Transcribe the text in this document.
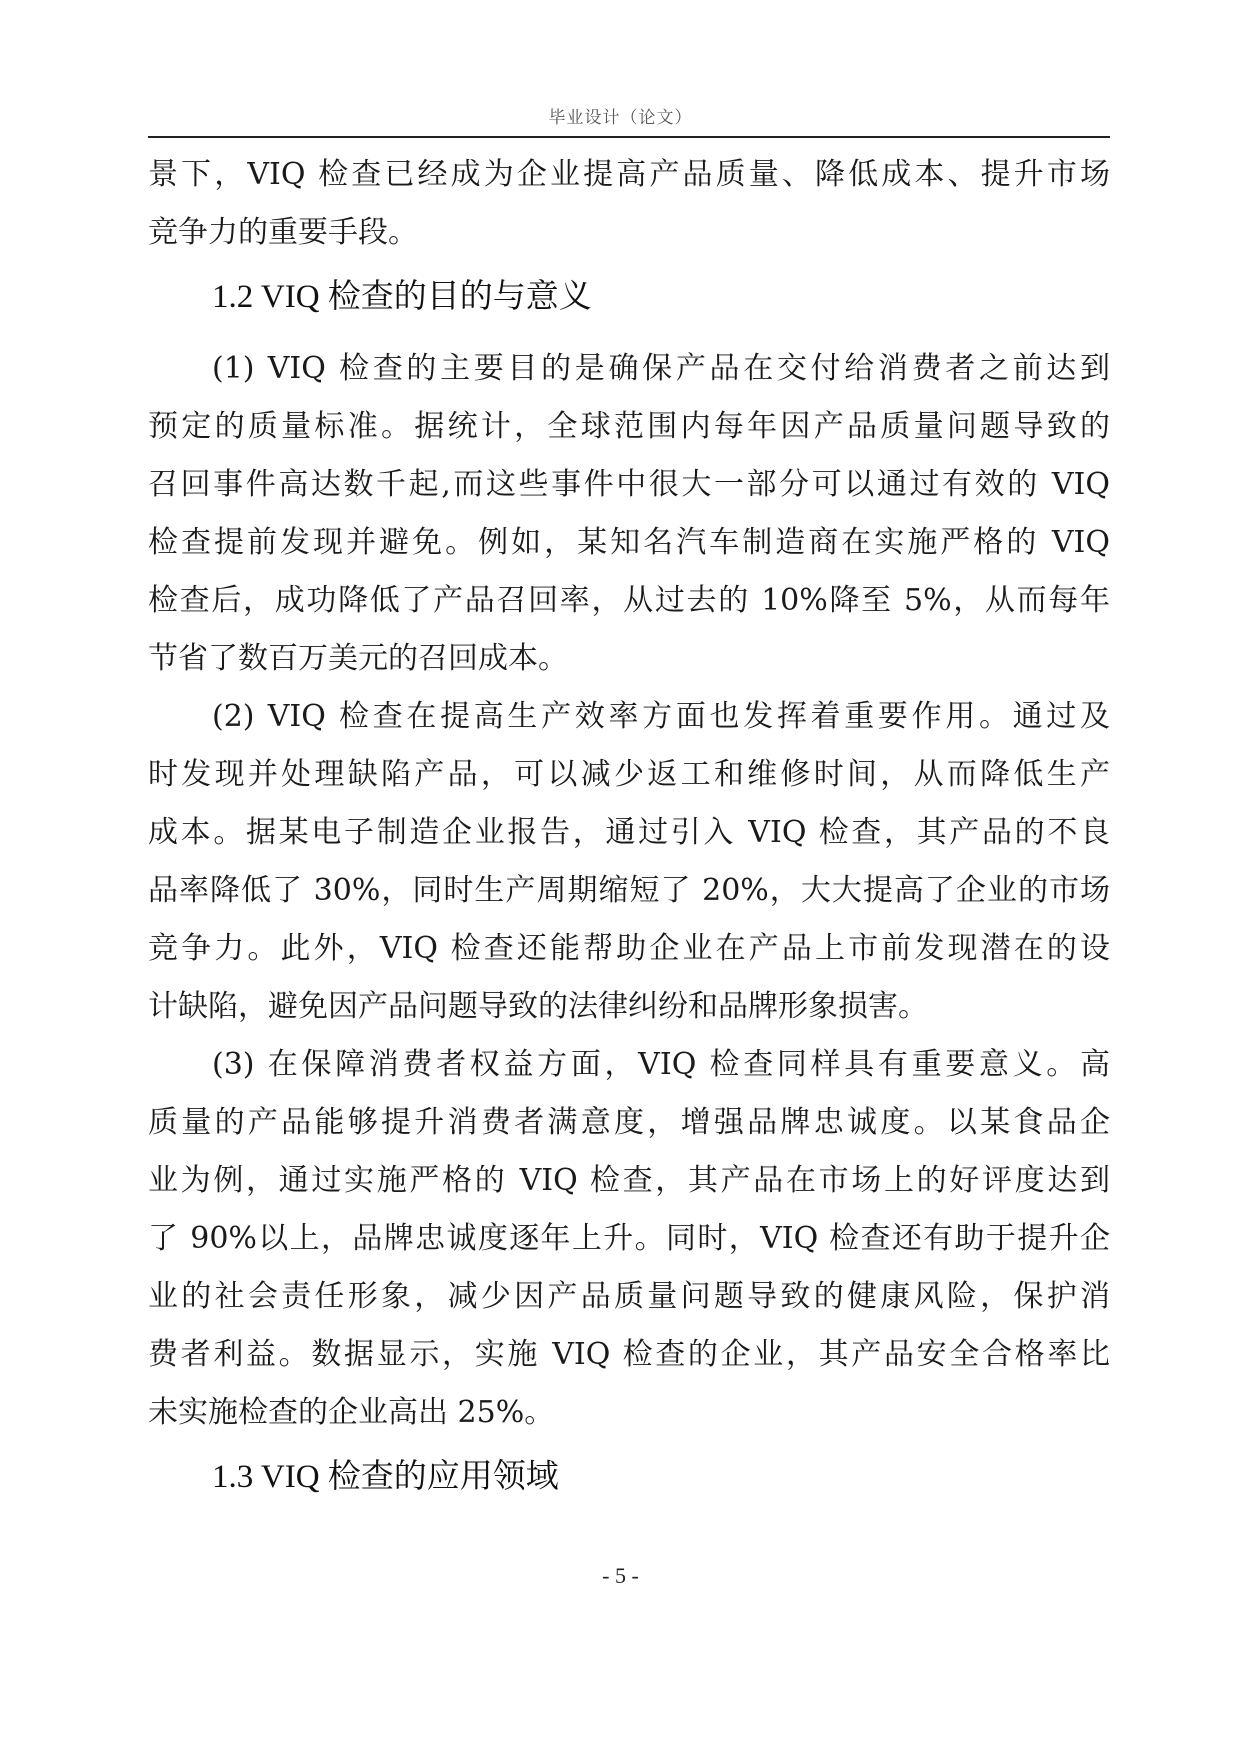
毕业设计（论文）
景下，VIQ 检查已经成为企业提高产品质量、降低成本、提升市场
竞争力的重要手段。
1.2 VIQ 检查的目的与意义
(1) VIQ 检查的主要目的是确保产品在交付给消费者之前达到
预定的质量标准。据统计，全球范围内每年因产品质量问题导致的
召回事件高达数千起,而这些事件中很大一部分可以通过有效的 VIQ
检查提前发现并避免。例如，某知名汽车制造商在实施严格的 VIQ
检查后，成功降低了产品召回率，从过去的 10%降至 5%，从而每年
节省了数百万美元的召回成本。
(2) VIQ 检查在提高生产效率方面也发挥着重要作用。通过及
时发现并处理缺陷产品，可以减少返工和维修时间，从而降低生产
成本。据某电子制造企业报告，通过引入 VIQ 检查，其产品的不良
品率降低了 30%，同时生产周期缩短了 20%，大大提高了企业的市场
竞争力。此外，VIQ 检查还能帮助企业在产品上市前发现潜在的设
计缺陷，避免因产品问题导致的法律纠纷和品牌形象损害。
(3) 在保障消费者权益方面，VIQ 检查同样具有重要意义。高
质量的产品能够提升消费者满意度，增强品牌忠诚度。以某食品企
业为例，通过实施严格的 VIQ 检查，其产品在市场上的好评度达到
了 90%以上，品牌忠诚度逐年上升。同时，VIQ 检查还有助于提升企
业的社会责任形象，减少因产品质量问题导致的健康风险，保护消
费者利益。数据显示，实施 VIQ 检查的企业，其产品安全合格率比
未实施检查的企业高出 25%。
1.3 VIQ 检查的应用领域
- 5 -
